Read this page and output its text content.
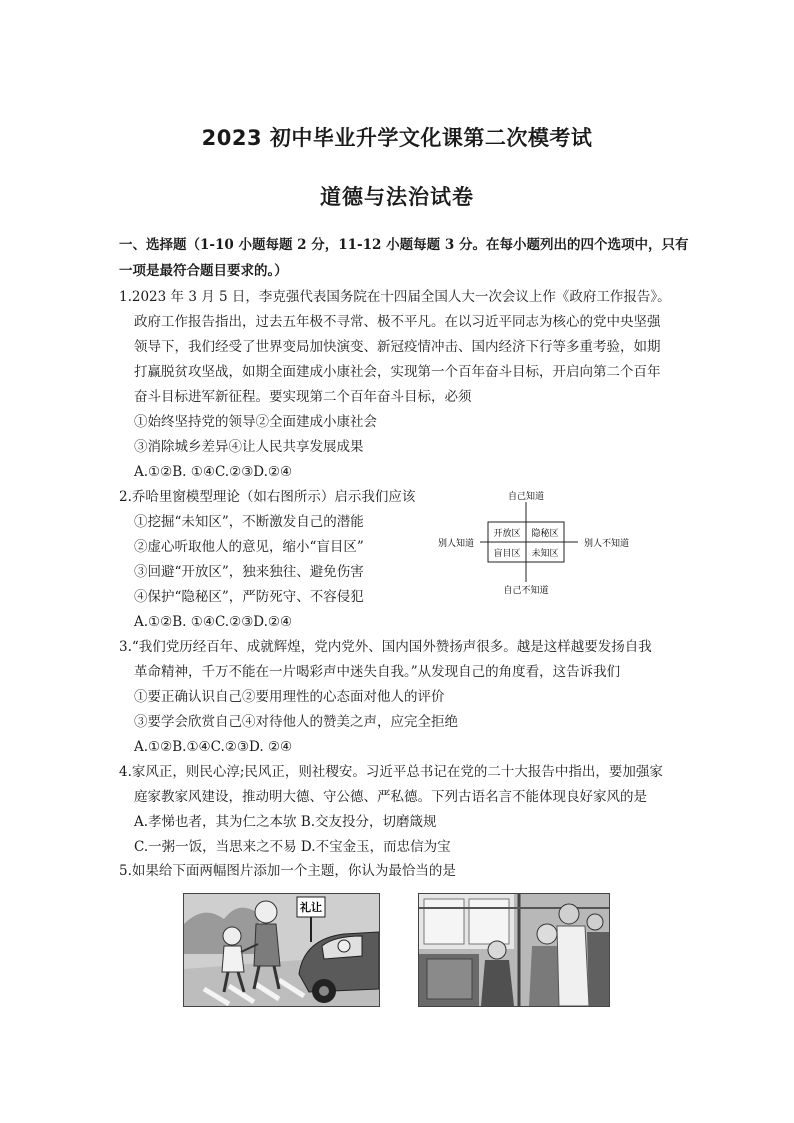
2023 初中毕业升学文化课第二次模考试
道德与法治试卷
一、选择题（1-10 小题每题 2 分，11-12 小题每题 3 分。在每小题列出的四个选项中，只有
一项是最符合题目要求的。）
1.2023 年 3 月 5 日，李克强代表国务院在十四届全国人大一次会议上作《政府工作报告》。
政府工作报告指出，过去五年极不寻常、极不平凡。在以习近平同志为核心的党中央坚强
领导下，我们经受了世界变局加快演变、新冠疫情冲击、国内经济下行等多重考验，如期
打赢脱贫攻坚战，如期全面建成小康社会，实现第一个百年奋斗目标，开启向第二个百年
奋斗目标进军新征程。要实现第二个百年奋斗目标，必须
①始终坚持党的领导②全面建成小康社会
③消除城乡差异④让人民共享发展成果
A.①②B. ①④C.②③D.②④
2.乔哈里窗模型理论（如右图所示）启示我们应该
①挖掘“未知区”，不断激发自己的潜能
②虚心听取他人的意见，缩小“盲目区”
③回避“开放区”，独来独往、避免伤害
④保护“隐秘区”，严防死守、不容侵犯
A.①②B. ①④C.②③D.②④
自己知道
自己不知道
别人知道	别人不知道
开放区 隐秘区
盲目区 未知区
3.“我们党历经百年、成就辉煌，党内党外、国内国外赞扬声很多。越是这样越要发扬自我
革命精神，千万不能在一片喝彩声中迷失自我。”从发现自己的角度看，这告诉我们
①要正确认识自己②要用理性的心态面对他人的评价
③要学会欣赏自己④对待他人的赞美之声，应完全拒绝
A.①②B.①④C.②③D. ②④
4.家风正，则民心淳;民风正，则社稷安。习近平总书记在党的二十大报告中指出，要加强家
庭家教家风建设，推动明大德、守公德、严私德。下列古语名言不能体现良好家风的是
A.孝悌也者，其为仁之本欤 B.交友投分，切磨箴规
C.一粥一饭，当思来之不易 D.不宝金玉，而忠信为宝
5.如果给下面两幅图片添加一个主题，你认为最恰当的是
礼让
